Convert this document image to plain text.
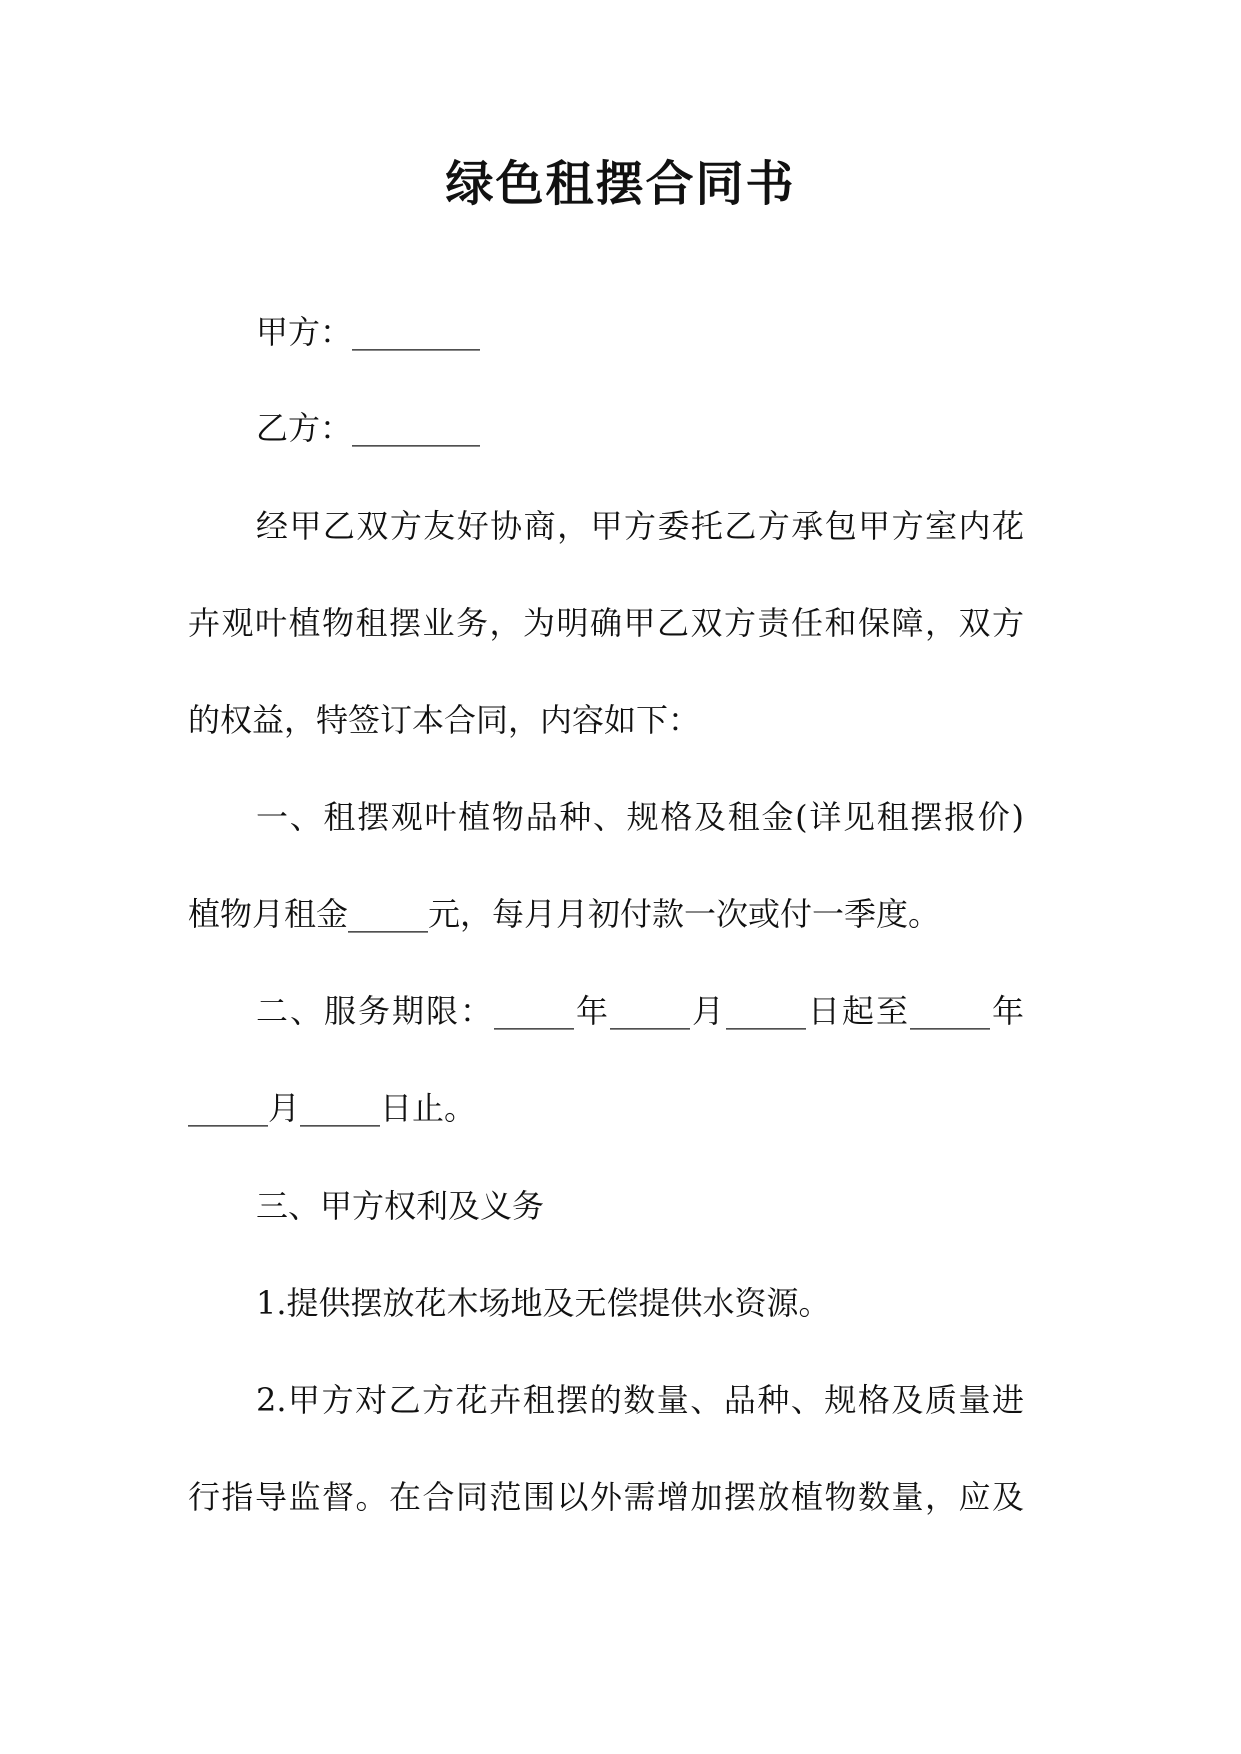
绿色租摆合同书
甲方：________
乙方：________
经甲乙双方友好协商，甲方委托乙方承包甲方室内花
卉观叶植物租摆业务，为明确甲乙双方责任和保障，双方
的权益，特签订本合同，内容如下：
一、租摆观叶植物品种、规格及租金(详见租摆报价)
植物月租金_____元，每月月初付款一次或付一季度。
二、服务期限：_____年_____月_____日起至_____年
_____月_____日止。
三、甲方权利及义务
1.提供摆放花木场地及无偿提供水资源。
2.甲方对乙方花卉租摆的数量、品种、规格及质量进
行指导监督。在合同范围以外需增加摆放植物数量，应及
